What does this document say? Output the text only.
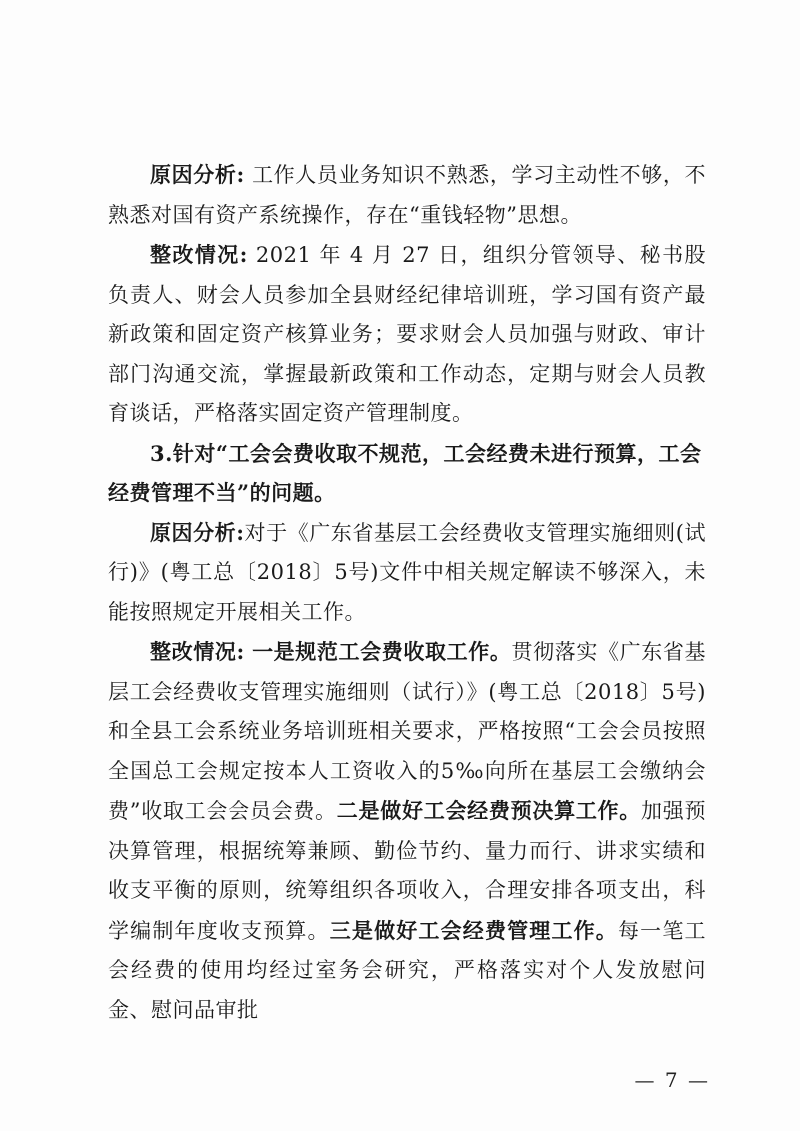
原因分析: 工作人员业务知识不熟悉，学习主动性不够，不熟悉对国有资产系统操作，存在“重钱轻物”思想。

整改情况: 2021 年 4 月 27 日，组织分管领导、秘书股负责人、财会人员参加全县财经纪律培训班，学习国有资产最新政策和固定资产核算业务；要求财会人员加强与财政、审计部门沟通交流，掌握最新政策和工作动态，定期与财会人员教育谈话，严格落实固定资产管理制度。

3.针对“工会会费收取不规范，工会经费未进行预算，工会经费管理不当”的问题。

原因分析:对于《广东省基层工会经费收支管理实施细则(试行)》(粤工总〔2018〕5号)文件中相关规定解读不够深入，未能按照规定开展相关工作。

整改情况: 一是规范工会费收取工作。贯彻落实《广东省基层工会经费收支管理实施细则（试行）》(粤工总〔2018〕5号)和全县工会系统业务培训班相关要求，严格按照“工会会员按照全国总工会规定按本人工资收入的5‰向所在基层工会缴纳会费”收取工会会员会费。二是做好工会经费预决算工作。加强预决算管理，根据统筹兼顾、勤俭节约、量力而行、讲求实绩和收支平衡的原则，统筹组织各项收入，合理安排各项支出，科学编制年度收支预算。三是做好工会经费管理工作。每一笔工会经费的使用均经过室务会研究，严格落实对个人发放慰问金、慰问品审批

— 7 —
